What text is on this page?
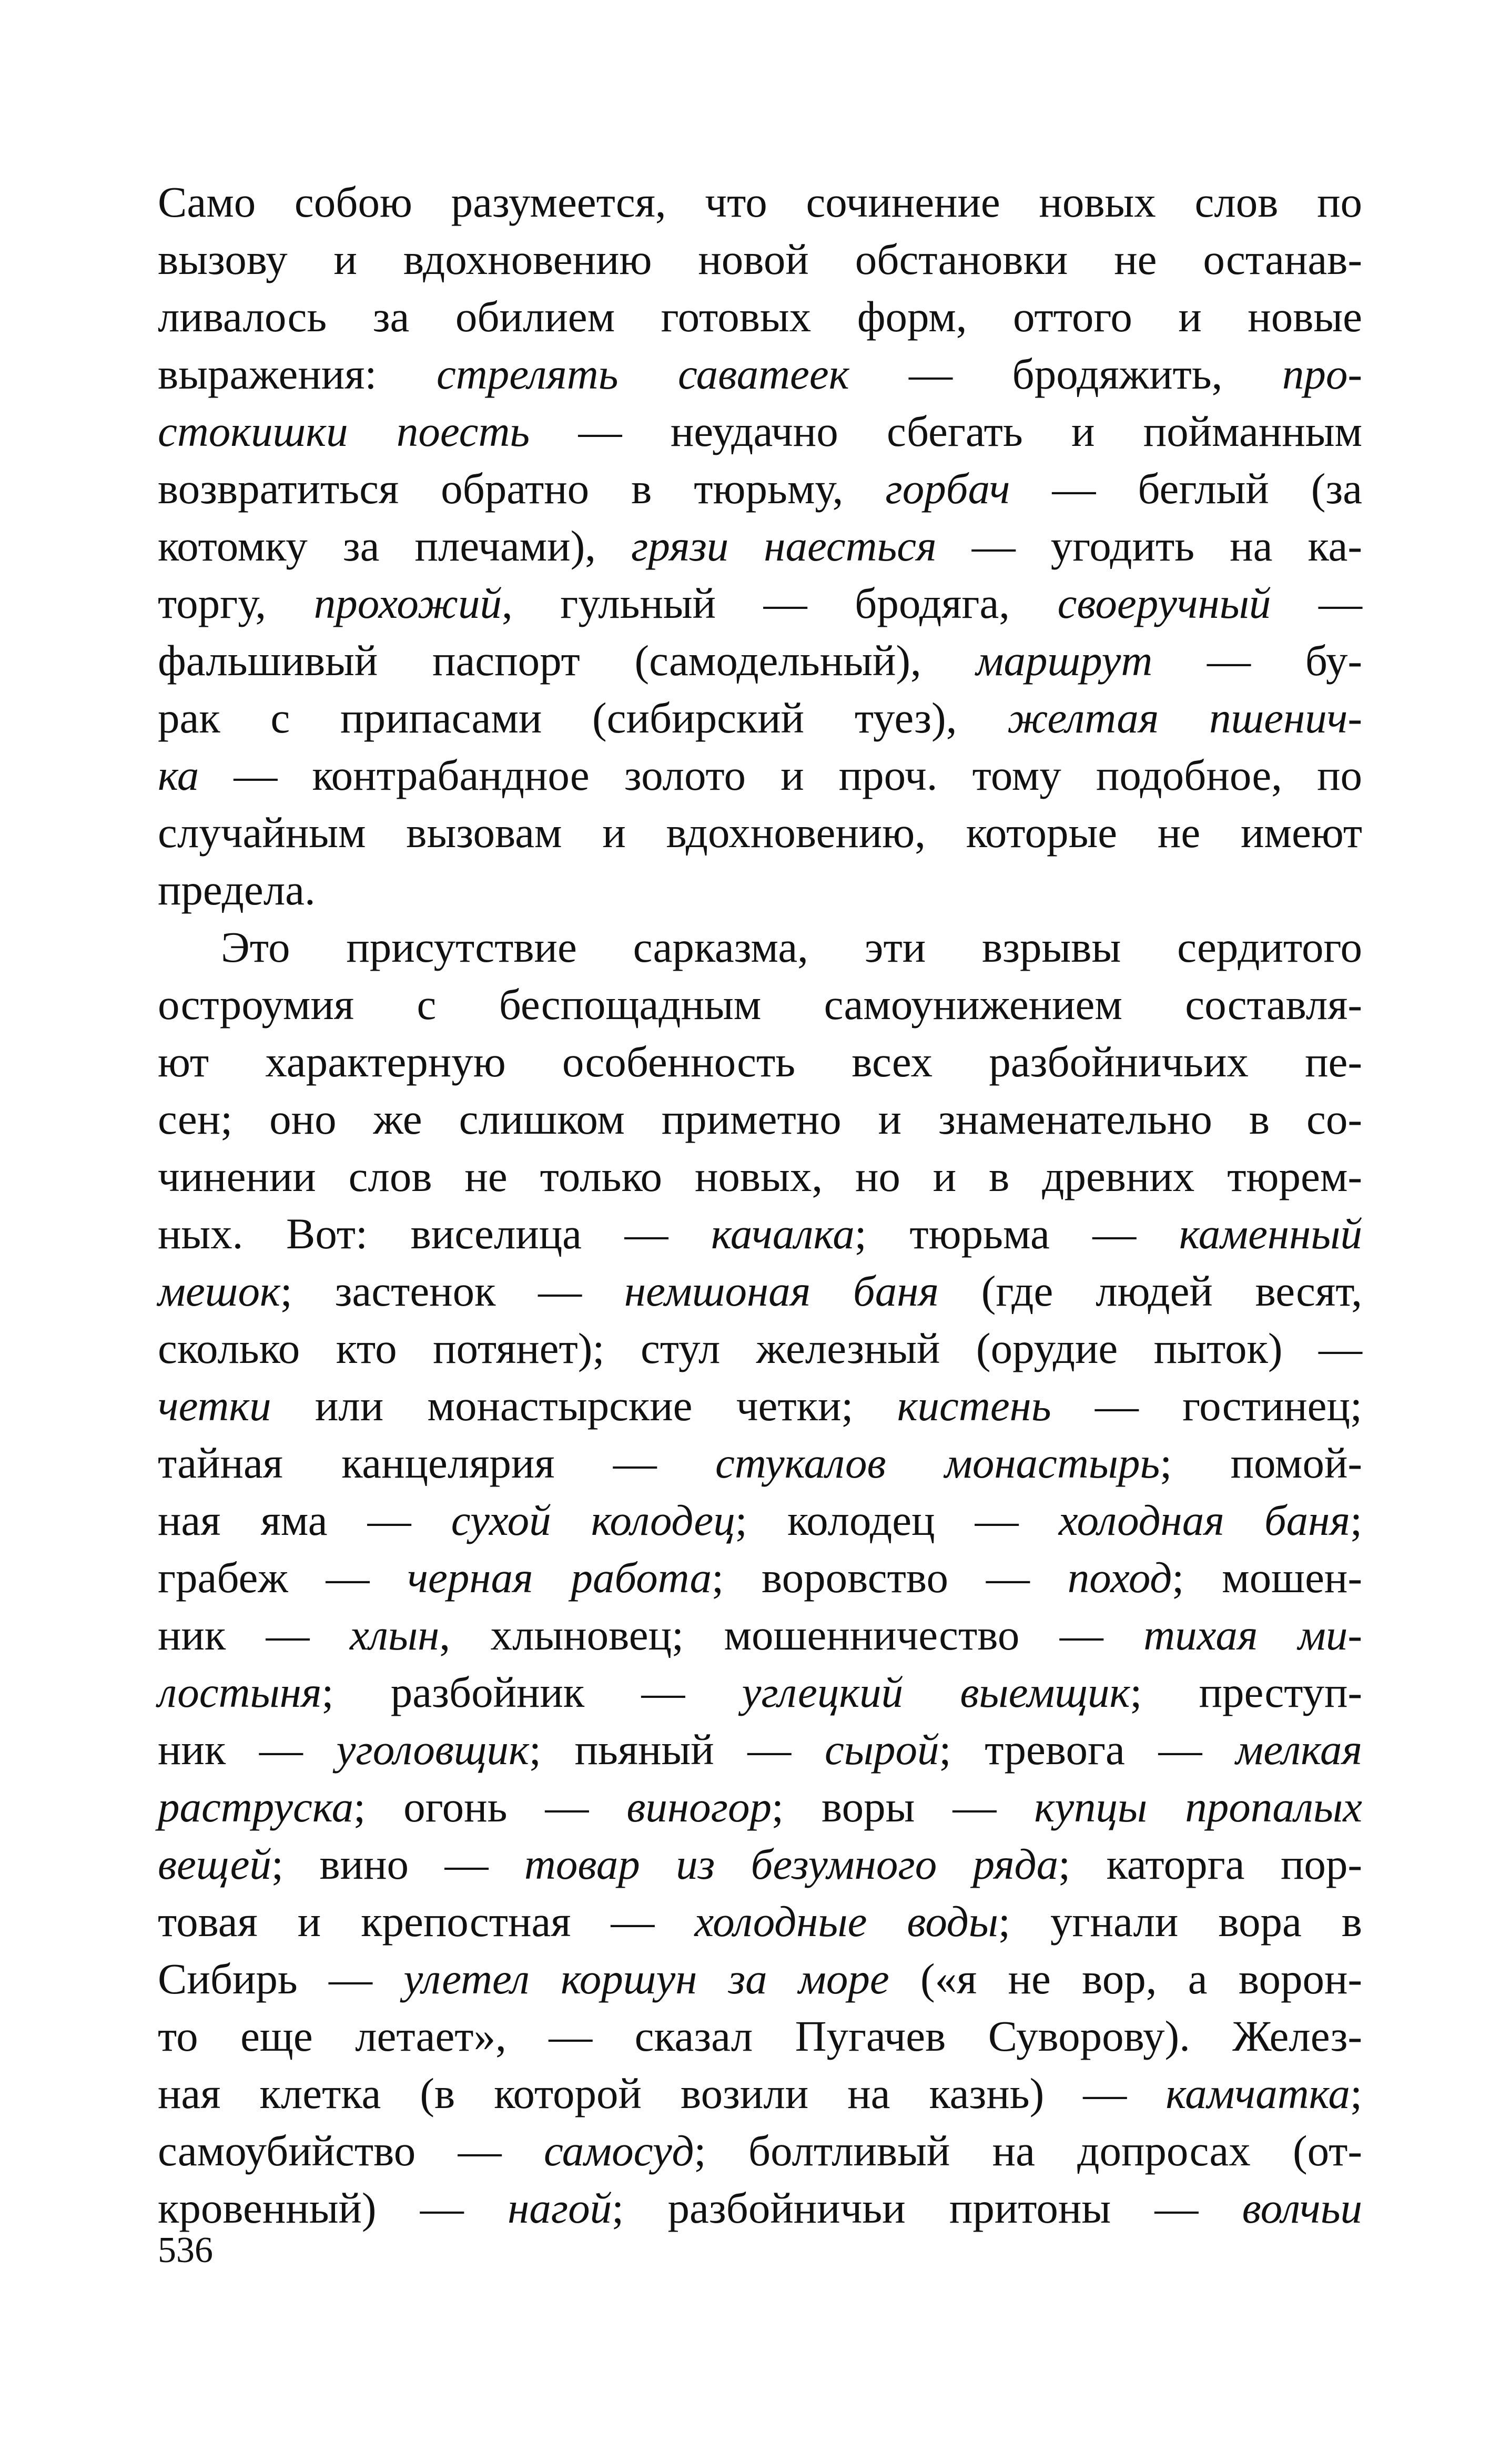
Само собою разумеется, что сочинение новых слов по
вызову и вдохновению новой обстановки не останав-
ливалось за обилием готовых форм, оттого и новые
выражения: стрелять саватеек — бродяжить, про-
стокишки поесть — неудачно сбегать и пойманным
возвратиться обратно в тюрьму, горбач — беглый (за
котомку за плечами), грязи наесться — угодить на ка-
торгу, прохожий, гульный — бродяга, своеручный —
фальшивый паспорт (самодельный), маршрут — бу-
рак с припасами (сибирский туез), желтая пшенич-
ка — контрабандное золото и проч. тому подобное, по
случайным вызовам и вдохновению, которые не имеют
предела.
Это присутствие сарказма, эти взрывы сердитого
остроумия с беспощадным самоунижением составля-
ют характерную особенность всех разбойничьих пе-
сен; оно же слишком приметно и знаменательно в со-
чинении слов не только новых, но и в древних тюрем-
ных. Вот: виселица — качалка; тюрьма — каменный
мешок; застенок — немшоная баня (где людей весят,
сколько кто потянет); стул железный (орудие пыток) —
четки или монастырские четки; кистень — гостинец;
тайная канцелярия — стукалов монастырь; помой-
ная яма — сухой колодец; колодец — холодная баня;
грабеж — черная работа; воровство — поход; мошен-
ник — хлын, хлыновец; мошенничество — тихая ми-
лостыня; разбойник — углецкий выемщик; преступ-
ник — уголовщик; пьяный — сырой; тревога — мелкая
раструска; огонь — виногор; воры — купцы пропалых
вещей; вино — товар из безумного ряда; каторга пор-
товая и крепостная — холодные воды; угнали вора в
Сибирь — улетел коршун за море («я не вор, а ворон-
то еще летает», — сказал Пугачев Суворову). Желез-
ная клетка (в которой возили на казнь) — камчатка;
самоубийство — самосуд; болтливый на допросах (от-
кровенный) — нагой; разбойничьи притоны — волчьи
536
